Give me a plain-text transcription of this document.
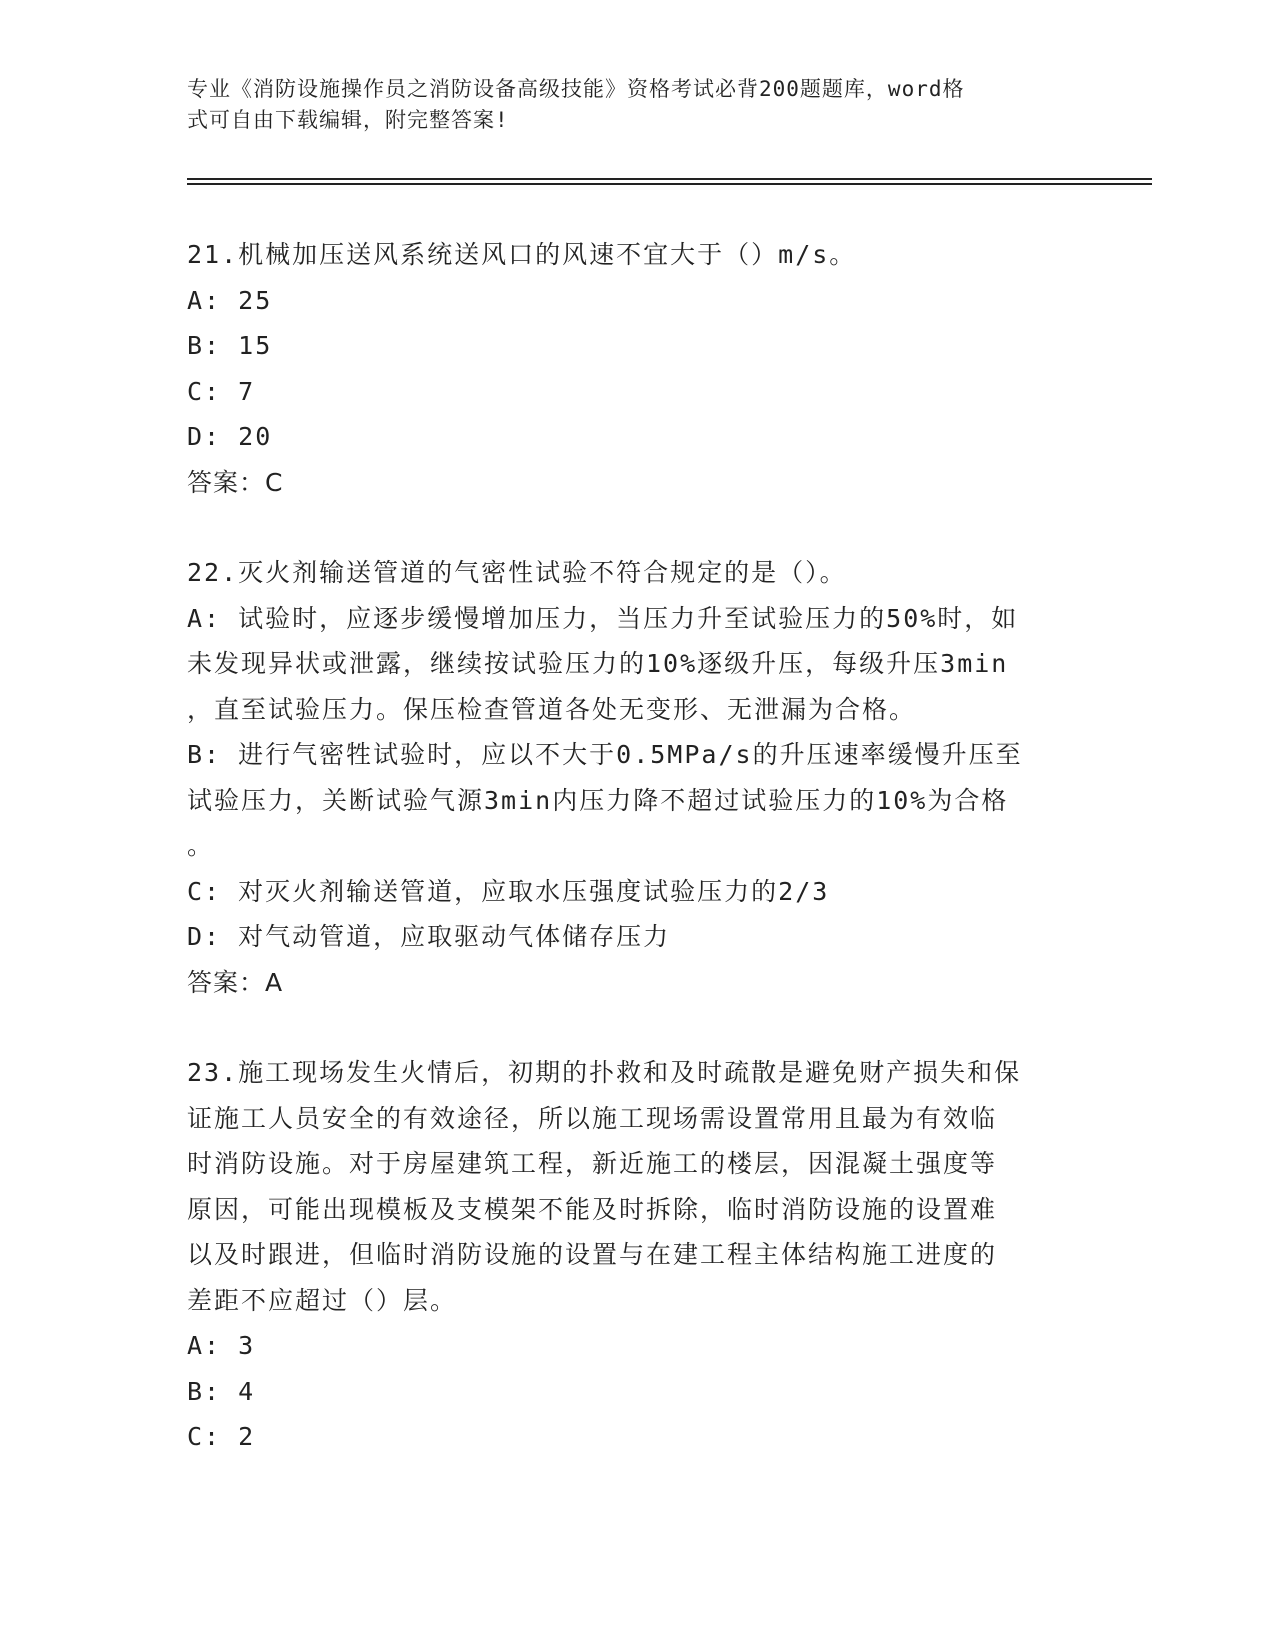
专业《消防设施操作员之消防设备高级技能》资格考试必背200题题库，word格
式可自由下载编辑，附完整答案!
21.机械加压送风系统送风口的风速不宜大于（）m/s。
A: 25
B: 15
C: 7
D: 20
答案：C
22.灭火剂输送管道的气密性试验不符合规定的是（）。
A: 试验时，应逐步缓慢增加压力，当压力升至试验压力的50%时，如
未发现异状或泄露，继续按试验压力的10%逐级升压，每级升压3min
，直至试验压力。保压检查管道各处无变形、无泄漏为合格。
B: 进行气密牲试验时，应以不大于0.5MPa/s的升压速率缓慢升压至
试验压力，关断试验气源3min内压力降不超过试验压力的10%为合格
。
C: 对灭火剂输送管道，应取水压强度试验压力的2/3
D: 对气动管道，应取驱动气体储存压力
答案：A
23.施工现场发生火情后，初期的扑救和及时疏散是避免财产损失和保
证施工人员安全的有效途径，所以施工现场需设置常用且最为有效临
时消防设施。对于房屋建筑工程，新近施工的楼层，因混凝土强度等
原因，可能出现模板及支模架不能及时拆除，临时消防设施的设置难
以及时跟进，但临时消防设施的设置与在建工程主体结构施工进度的
差距不应超过（）层。
A: 3
B: 4
C: 2
